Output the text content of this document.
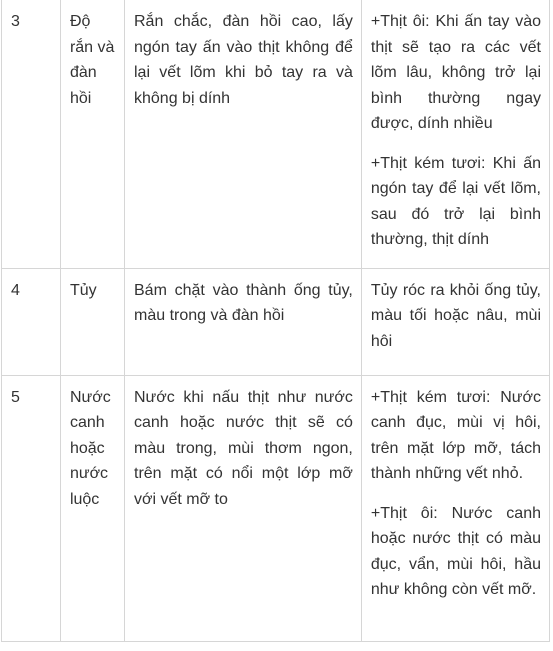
3	Độ rắn và đàn hồi	Rắn chắc, đàn hồi cao, lấy ngón tay ấn vào thịt không để lại vết lõm khi bỏ tay ra và không bị dính	+Thịt ôi: Khi ấn tay vào thịt sẽ tạo ra các vết lõm lâu, không trở lại bình thường ngay được, dính nhiều

+Thịt kém tươi: Khi ấn ngón tay để lại vết lõm, sau đó trở lại bình thường, thịt dính

4	Tủy	Bám chặt vào thành ống tủy, màu trong và đàn hồi	Tủy róc ra khỏi ống tủy, màu tối hoặc nâu, mùi hôi

5	Nước canh hoặc nước luộc	Nước khi nấu thịt như nước canh hoặc nước thịt sẽ có màu trong, mùi thơm ngon, trên mặt có nổi một lớp mỡ với vết mỡ to	+Thịt kém tươi: Nước canh đục, mùi vị hôi, trên mặt lớp mỡ, tách thành những vết nhỏ.

+Thịt ôi: Nước canh hoặc nước thịt có màu đục, vẩn, mùi hôi, hầu như không còn vết mỡ.
